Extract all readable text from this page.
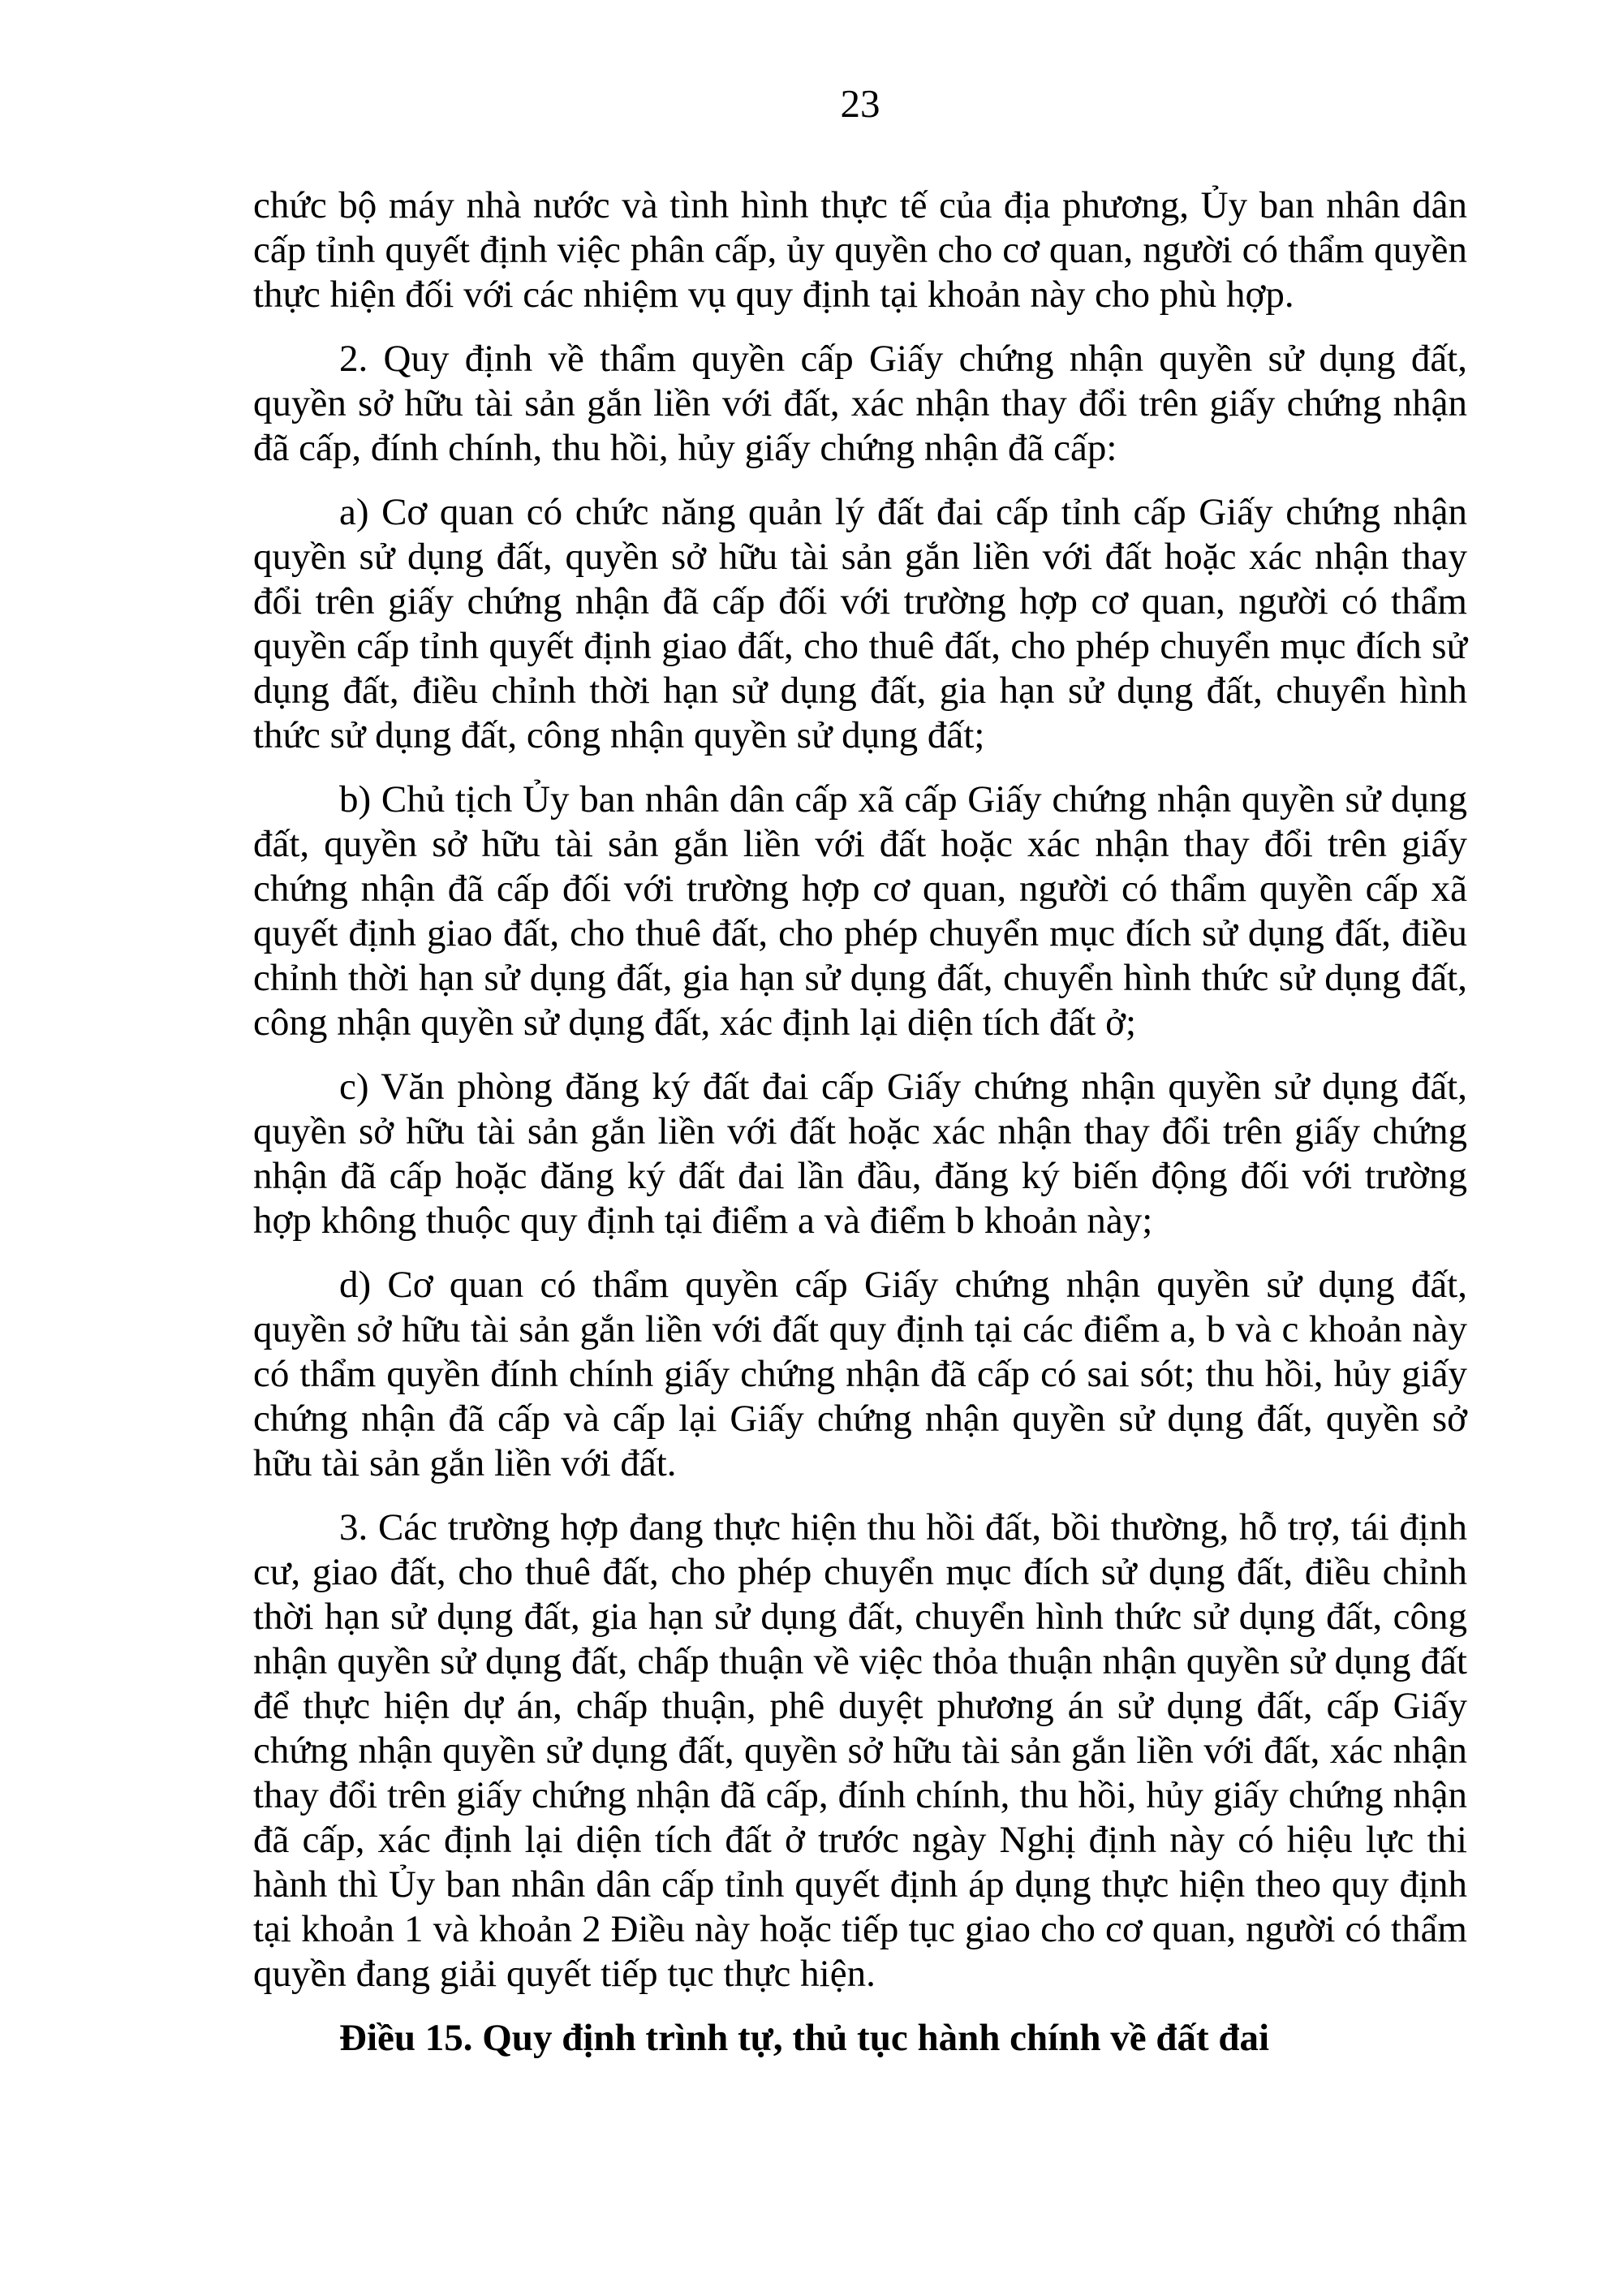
23

chức bộ máy nhà nước và tình hình thực tế của địa phương, Ủy ban nhân dân cấp tỉnh quyết định việc phân cấp, ủy quyền cho cơ quan, người có thẩm quyền thực hiện đối với các nhiệm vụ quy định tại khoản này cho phù hợp.

2. Quy định về thẩm quyền cấp Giấy chứng nhận quyền sử dụng đất, quyền sở hữu tài sản gắn liền với đất, xác nhận thay đổi trên giấy chứng nhận đã cấp, đính chính, thu hồi, hủy giấy chứng nhận đã cấp:

a) Cơ quan có chức năng quản lý đất đai cấp tỉnh cấp Giấy chứng nhận quyền sử dụng đất, quyền sở hữu tài sản gắn liền với đất hoặc xác nhận thay đổi trên giấy chứng nhận đã cấp đối với trường hợp cơ quan, người có thẩm quyền cấp tỉnh quyết định giao đất, cho thuê đất, cho phép chuyển mục đích sử dụng đất, điều chỉnh thời hạn sử dụng đất, gia hạn sử dụng đất, chuyển hình thức sử dụng đất, công nhận quyền sử dụng đất;

b) Chủ tịch Ủy ban nhân dân cấp xã cấp Giấy chứng nhận quyền sử dụng đất, quyền sở hữu tài sản gắn liền với đất hoặc xác nhận thay đổi trên giấy chứng nhận đã cấp đối với trường hợp cơ quan, người có thẩm quyền cấp xã quyết định giao đất, cho thuê đất, cho phép chuyển mục đích sử dụng đất, điều chỉnh thời hạn sử dụng đất, gia hạn sử dụng đất, chuyển hình thức sử dụng đất, công nhận quyền sử dụng đất, xác định lại diện tích đất ở;

c) Văn phòng đăng ký đất đai cấp Giấy chứng nhận quyền sử dụng đất, quyền sở hữu tài sản gắn liền với đất hoặc xác nhận thay đổi trên giấy chứng nhận đã cấp hoặc đăng ký đất đai lần đầu, đăng ký biến động đối với trường hợp không thuộc quy định tại điểm a và điểm b khoản này;

d) Cơ quan có thẩm quyền cấp Giấy chứng nhận quyền sử dụng đất, quyền sở hữu tài sản gắn liền với đất quy định tại các điểm a, b và c khoản này có thẩm quyền đính chính giấy chứng nhận đã cấp có sai sót; thu hồi, hủy giấy chứng nhận đã cấp và cấp lại Giấy chứng nhận quyền sử dụng đất, quyền sở hữu tài sản gắn liền với đất.

3. Các trường hợp đang thực hiện thu hồi đất, bồi thường, hỗ trợ, tái định cư, giao đất, cho thuê đất, cho phép chuyển mục đích sử dụng đất, điều chỉnh thời hạn sử dụng đất, gia hạn sử dụng đất, chuyển hình thức sử dụng đất, công nhận quyền sử dụng đất, chấp thuận về việc thỏa thuận nhận quyền sử dụng đất để thực hiện dự án, chấp thuận, phê duyệt phương án sử dụng đất, cấp Giấy chứng nhận quyền sử dụng đất, quyền sở hữu tài sản gắn liền với đất, xác nhận thay đổi trên giấy chứng nhận đã cấp, đính chính, thu hồi, hủy giấy chứng nhận đã cấp, xác định lại diện tích đất ở trước ngày Nghị định này có hiệu lực thi hành thì Ủy ban nhân dân cấp tỉnh quyết định áp dụng thực hiện theo quy định tại khoản 1 và khoản 2 Điều này hoặc tiếp tục giao cho cơ quan, người có thẩm quyền đang giải quyết tiếp tục thực hiện.

Điều 15. Quy định trình tự, thủ tục hành chính về đất đai
